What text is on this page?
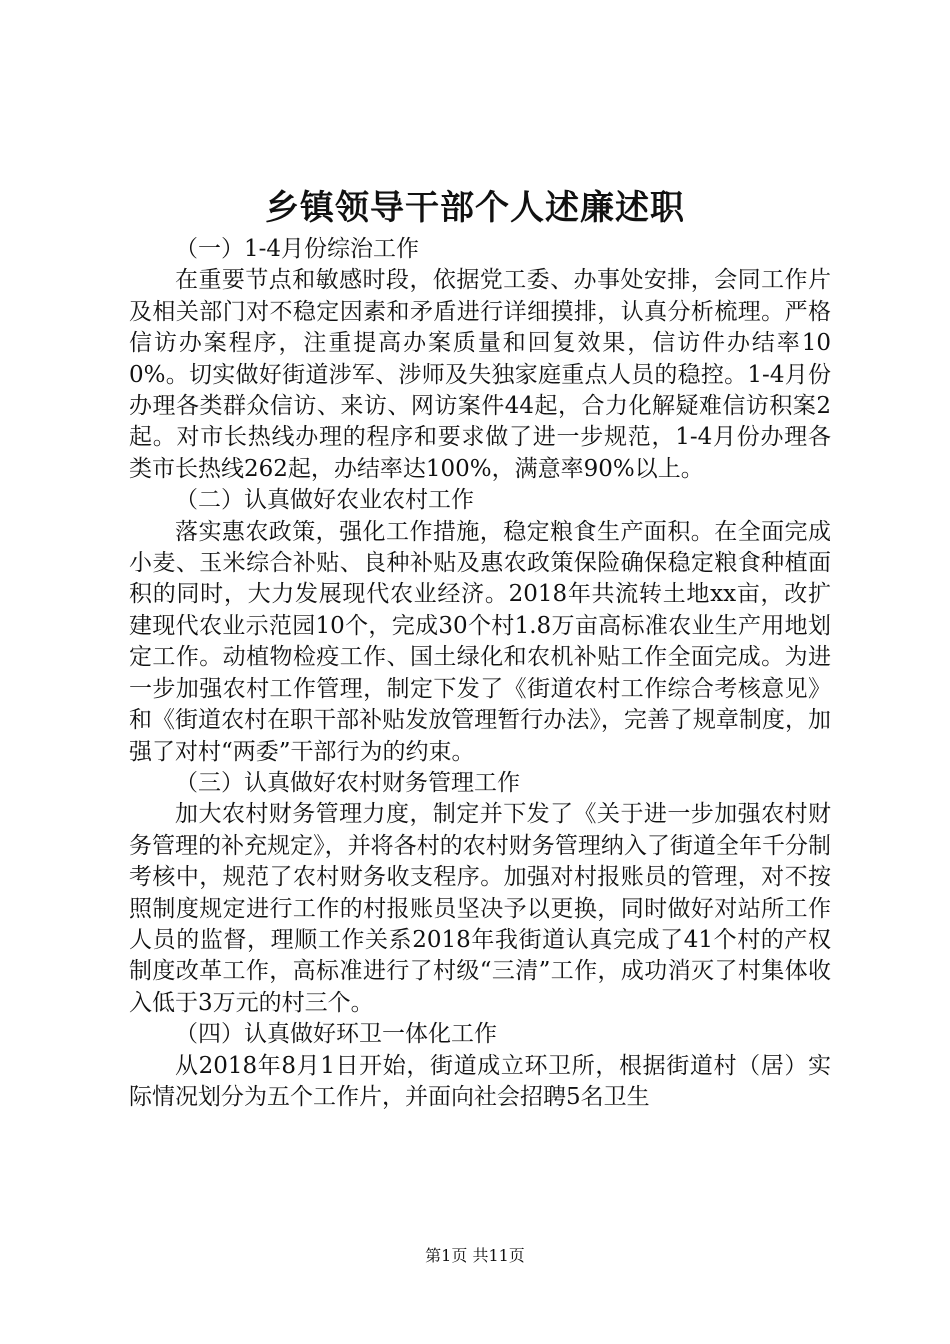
乡镇领导干部个人述廉述职

（一）1-4月份综治工作

在重要节点和敏感时段，依据党工委、办事处安排，会同工作片及相关部门对不稳定因素和矛盾进行详细摸排，认真分析梳理。严格信访办案程序，注重提高办案质量和回复效果，信访件办结率100%。切实做好街道涉军、涉师及失独家庭重点人员的稳控。1-4月份办理各类群众信访、来访、网访案件44起，合力化解疑难信访积案2起。对市长热线办理的程序和要求做了进一步规范，1-4月份办理各类市长热线262起，办结率达100%，满意率90%以上。

（二）认真做好农业农村工作

落实惠农政策，强化工作措施，稳定粮食生产面积。在全面完成小麦、玉米综合补贴、良种补贴及惠农政策保险确保稳定粮食种植面积的同时，大力发展现代农业经济。2018年共流转土地xx亩，改扩建现代农业示范园10个，完成30个村1.8万亩高标准农业生产用地划定工作。动植物检疫工作、国土绿化和农机补贴工作全面完成。为进一步加强农村工作管理，制定下发了《街道农村工作综合考核意见》和《街道农村在职干部补贴发放管理暂行办法》，完善了规章制度，加强了对村“两委”干部行为的约束。

（三）认真做好农村财务管理工作

加大农村财务管理力度，制定并下发了《关于进一步加强农村财务管理的补充规定》，并将各村的农村财务管理纳入了街道全年千分制考核中，规范了农村财务收支程序。加强对村报账员的管理，对不按照制度规定进行工作的村报账员坚决予以更换，同时做好对站所工作人员的监督，理顺工作关系2018年我街道认真完成了41个村的产权制度改革工作，高标准进行了村级“三清”工作，成功消灭了村集体收入低于3万元的村三个。

（四）认真做好环卫一体化工作

从2018年8月1日开始，街道成立环卫所，根据街道村（居）实际情况划分为五个工作片，并面向社会招聘5名卫生

第1页 共11页
